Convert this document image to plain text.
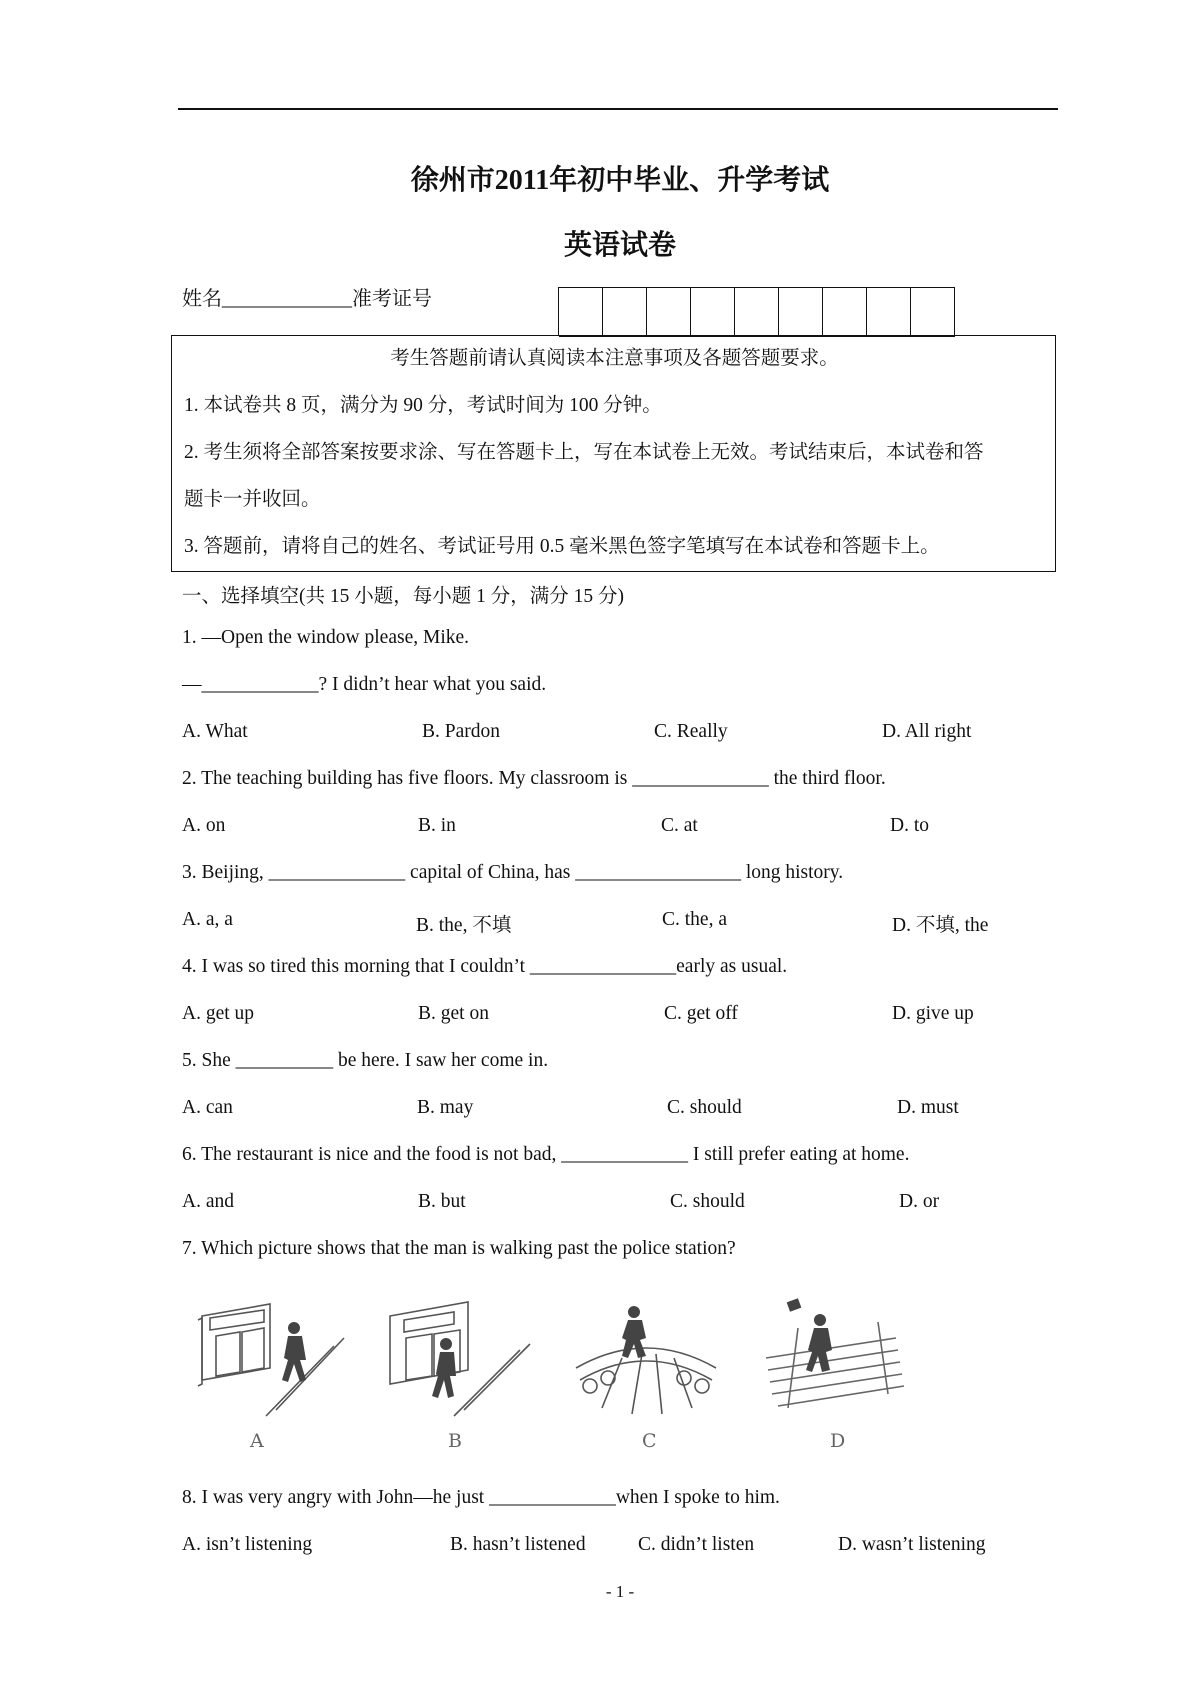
徐州市2011年初中毕业、升学考试
英语试卷
姓名_____________准考证号
考生答题前请认真阅读本注意事项及各题答题要求。
1. 本试卷共 8 页，满分为 90 分，考试时间为 100 分钟。
2. 考生须将全部答案按要求涂、写在答题卡上，写在本试卷上无效。考试结束后，本试卷和答
题卡一并收回。
3. 答题前，请将自己的姓名、考试证号用 0.5 毫米黑色签字笔填写在本试卷和答题卡上。
一、选择填空(共 15 小题，每小题 1 分，满分 15 分)
1. —Open the window please, Mike.
—____________? I didn’t hear what you said.
A. What	B. Pardon	C. Really	D. All right
2. The teaching building has five floors. My classroom is ______________ the third floor.
A. on	B. in	C. at	D. to
3. Beijing, ______________ capital of China, has _________________ long history.
A. a, a	B. the, 不填	C. the, a	D. 不填, the
4. I was so tired this morning that I couldn’t _______________early as usual.
A. get up	B. get on	C. get off	D. give up
5. She __________ be here. I saw her come in.
A. can	B. may	C. should	D. must
6. The restaurant is nice and the food is not bad, _____________ I still prefer eating at home.
A. and	B. but	C. should	D. or
7. Which picture shows that the man is walking past the police station?
A	B	C	D
8. I was very angry with John—he just _____________when I spoke to him.
A. isn’t listening	B. hasn’t listened	C. didn’t listen	D. wasn’t listening
- 1 -
